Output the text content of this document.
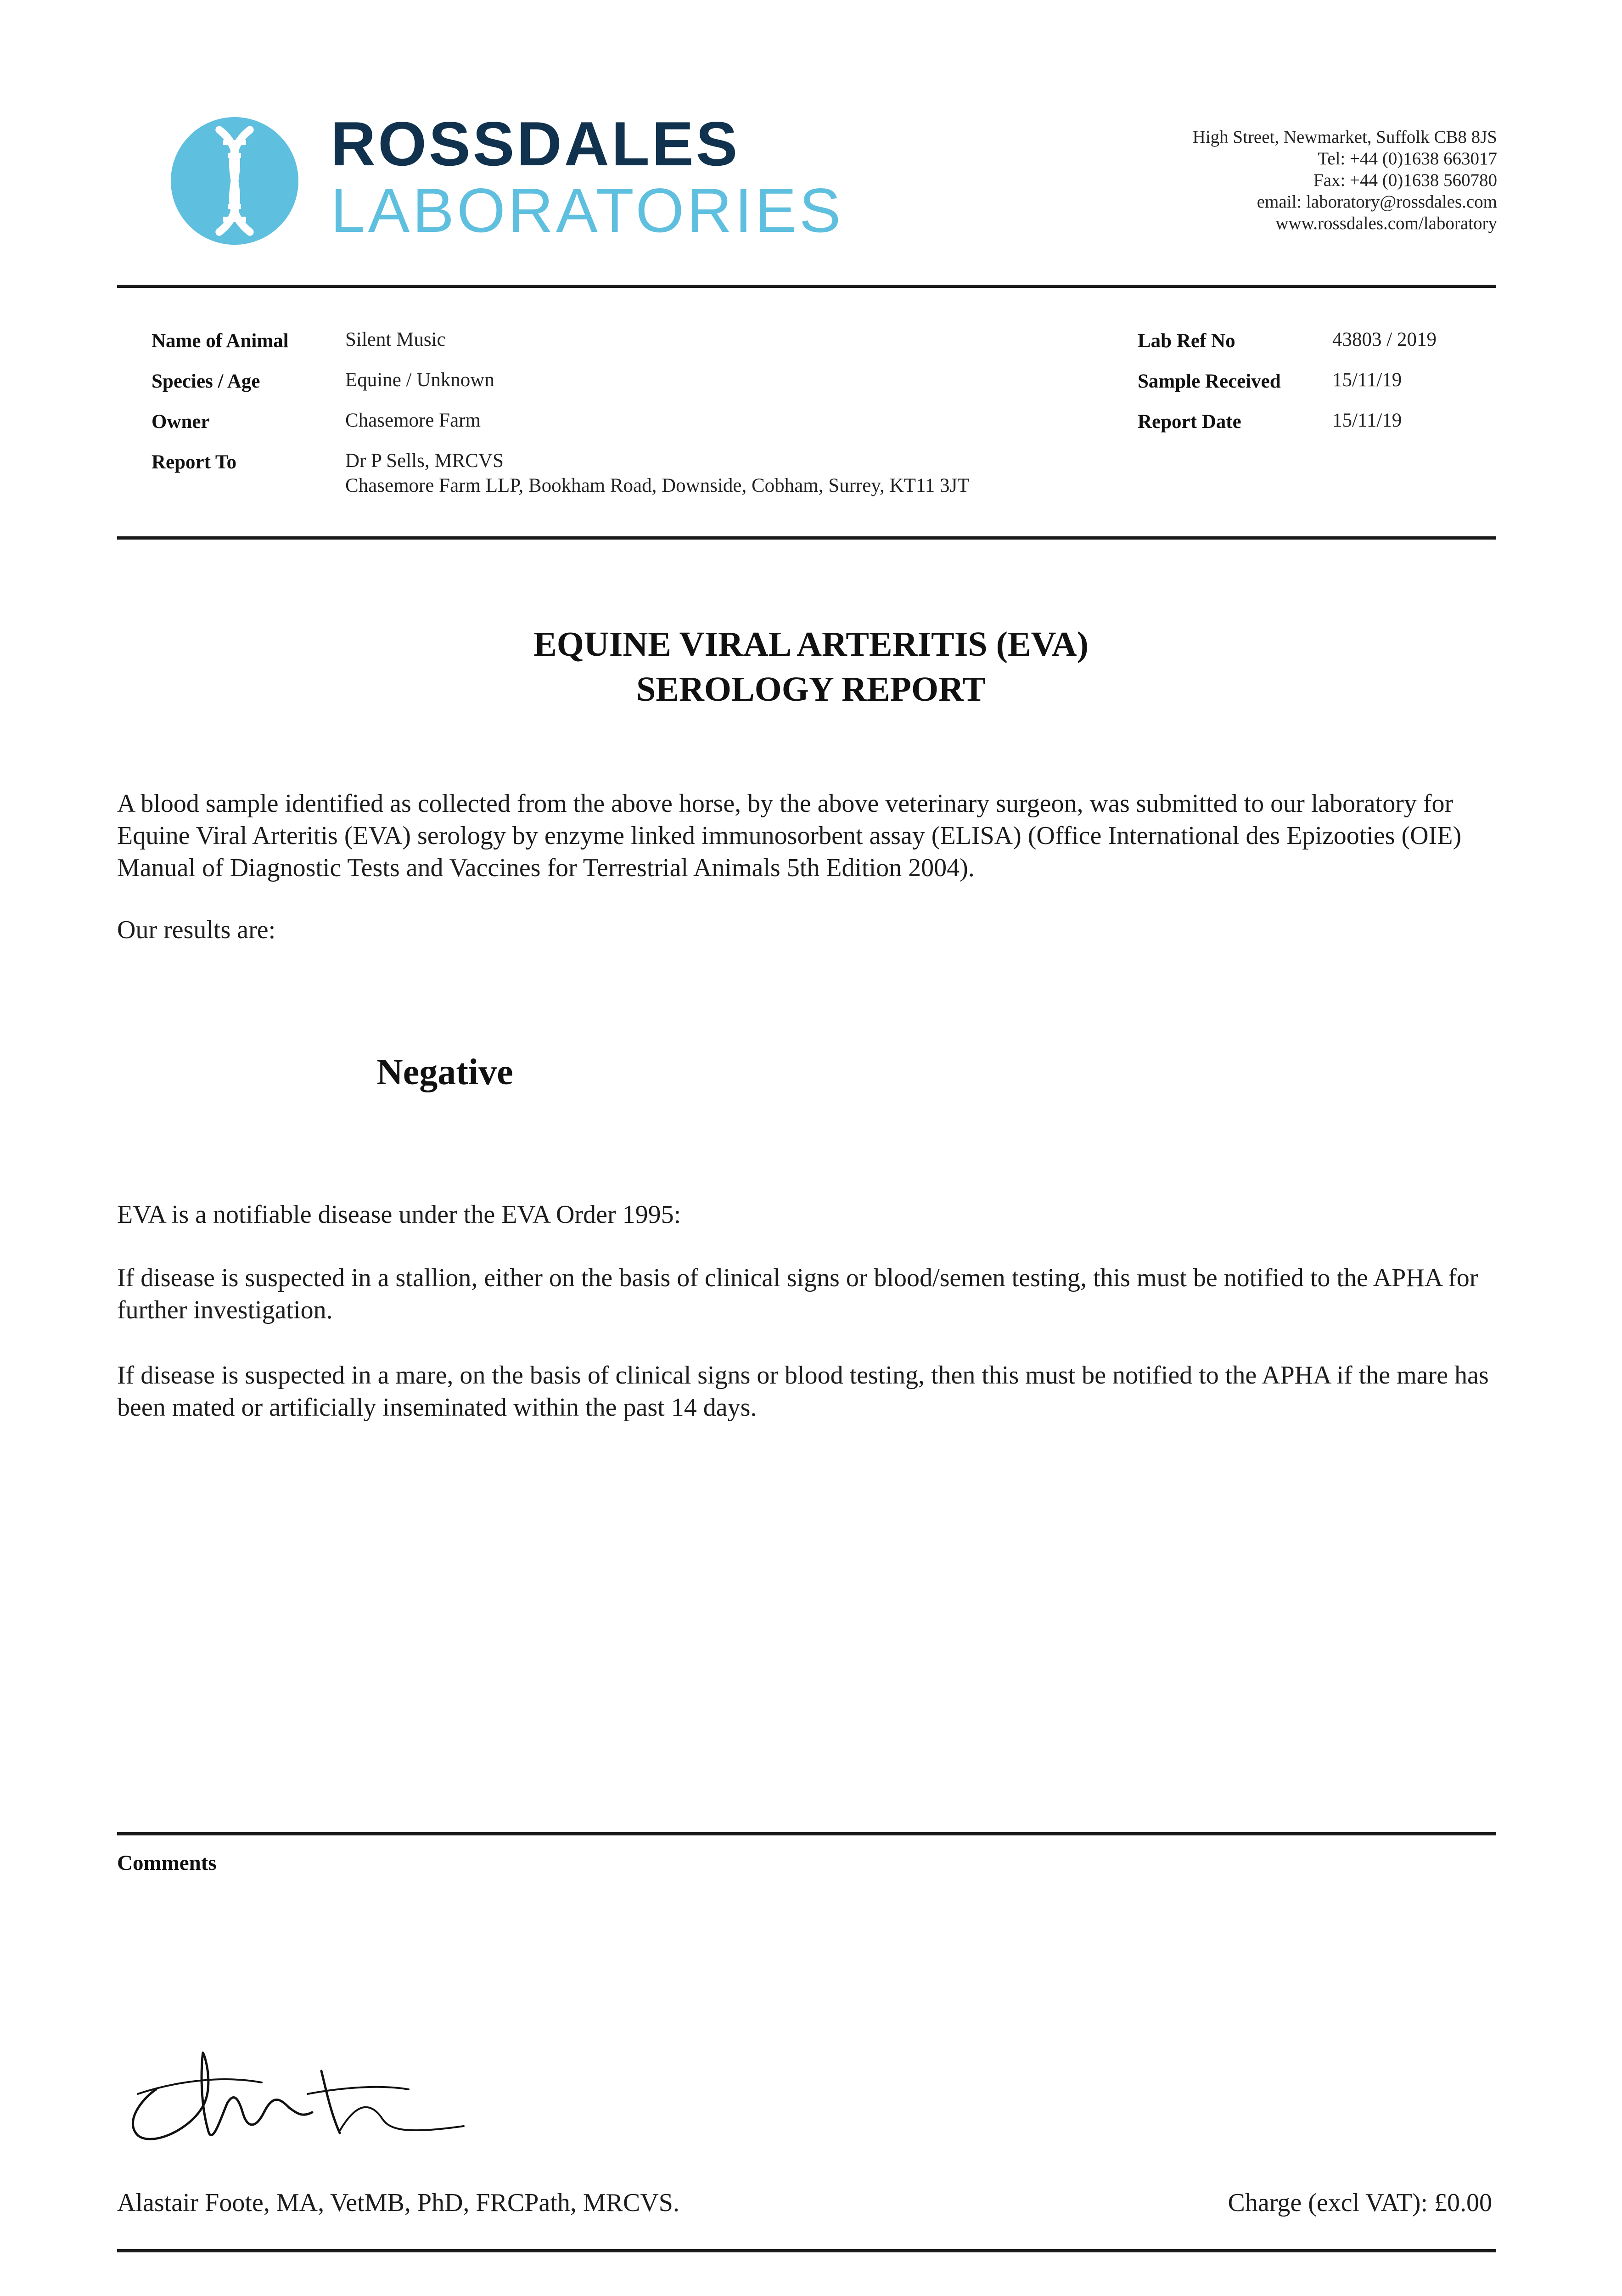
ROSSDALES
LABORATORIES
High Street, Newmarket, Suffolk CB8 8JS
Tel: +44 (0)1638 663017
Fax: +44 (0)1638 560780
email: laboratory@rossdales.com
www.rossdales.com/laboratory
Name of Animal	Silent Music
Species / Age	Equine / Unknown
Owner	Chasemore Farm
Report To	Dr P Sells, MRCVS
Chasemore Farm LLP, Bookham Road, Downside, Cobham, Surrey, KT11 3JT
Lab Ref No	43803 / 2019
Sample Received	15/11/19
Report Date	15/11/19
EQUINE VIRAL ARTERITIS (EVA)
SEROLOGY REPORT
A blood sample identified as collected from the above horse, by the above veterinary surgeon, was submitted to our laboratory for Equine Viral Arteritis (EVA) serology by enzyme linked immunosorbent assay (ELISA) (Office International des Epizooties (OIE) Manual of Diagnostic Tests and Vaccines for Terrestrial Animals 5th Edition 2004).
Our results are:
Negative
EVA is a notifiable disease under the EVA Order 1995:
If disease is suspected in a stallion, either on the basis of clinical signs or blood/semen testing, this must be notified to the APHA for further investigation.
If disease is suspected in a mare, on the basis of clinical signs or blood testing, then this must be notified to the APHA if the mare has been mated or artificially inseminated within the past 14 days.
Comments
Alastair Foote, MA, VetMB, PhD, FRCPath, MRCVS.	Charge (excl VAT): £0.00
